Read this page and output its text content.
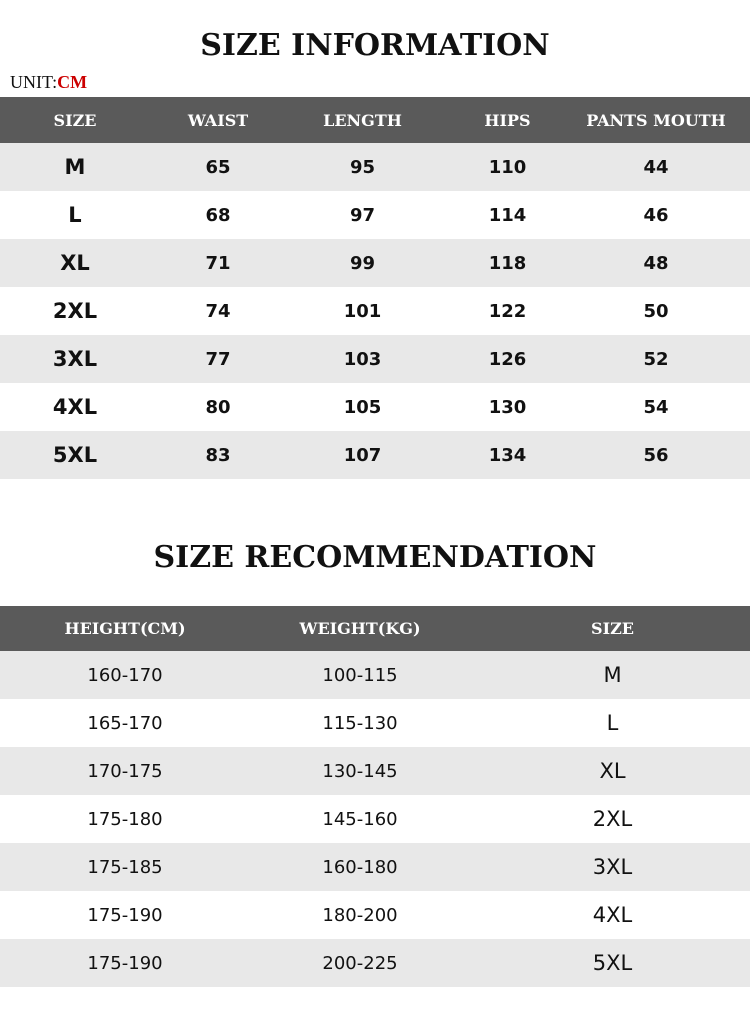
SIZE INFORMATION
UNIT:CM
SIZE	WAIST	LENGTH	HIPS	PANTS MOUTH
M	65	95	110	44
L	68	97	114	46
XL	71	99	118	48
2XL	74	101	122	50
3XL	77	103	126	52
4XL	80	105	130	54
5XL	83	107	134	56
SIZE RECOMMENDATION
HEIGHT(CM)	WEIGHT(KG)	SIZE
160-170	100-115	M
165-170	115-130	L
170-175	130-145	XL
175-180	145-160	2XL
175-185	160-180	3XL
175-190	180-200	4XL
175-190	200-225	5XL
